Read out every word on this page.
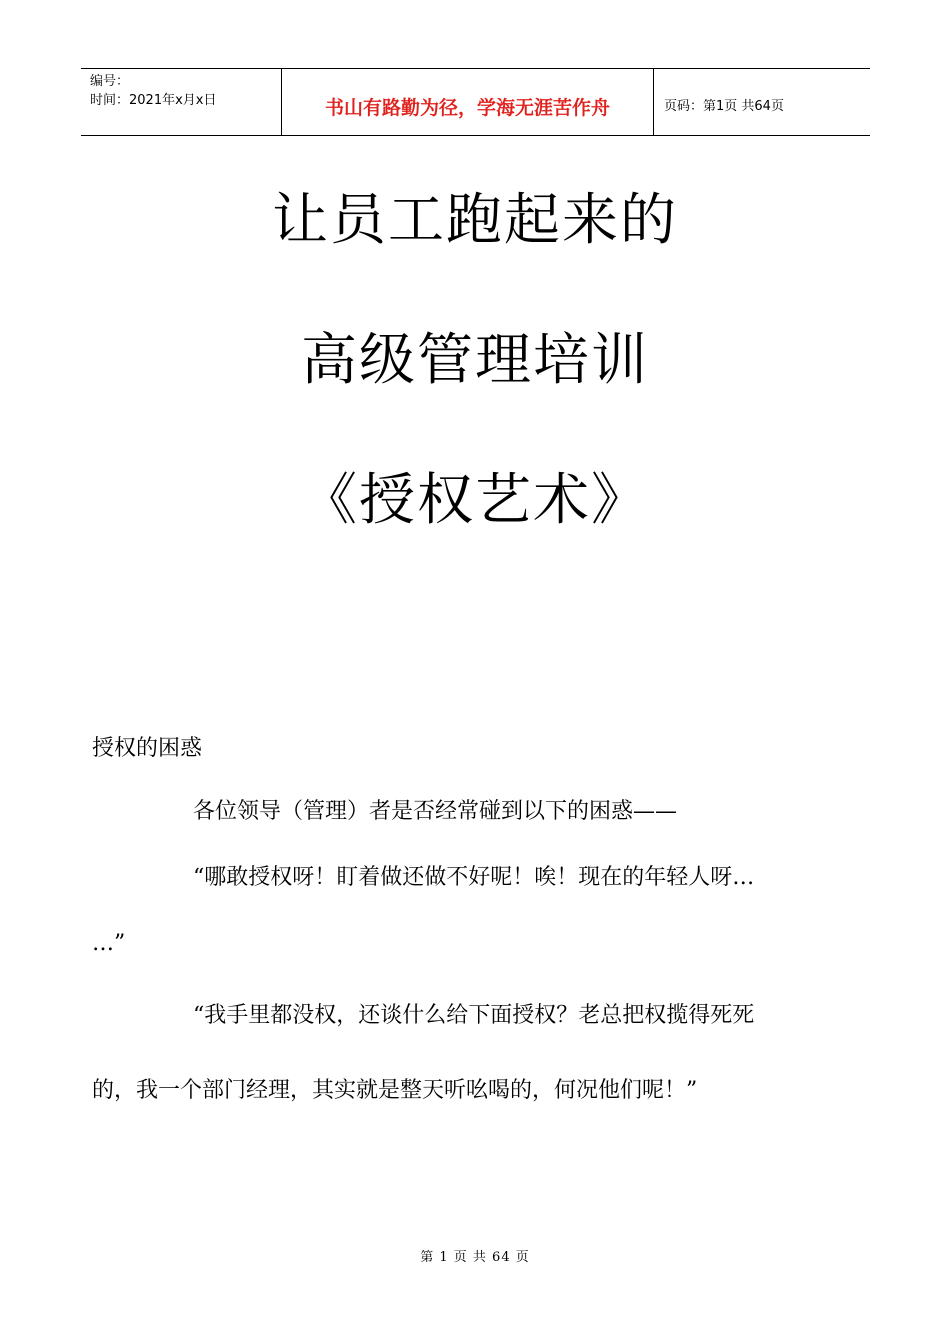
编号：
时间：2021年x月x日	书山有路勤为径，学海无涯苦作舟	页码：第1页 共64页
让员工跑起来的
高级管理培训
《授权艺术》
授权的困惑
各位领导（管理）者是否经常碰到以下的困惑——
“哪敢授权呀！盯着做还做不好呢！唉！现在的年轻人呀…
…”
“我手里都没权，还谈什么给下面授权？老总把权揽得死死
的，我一个部门经理，其实就是整天听吆喝的，何况他们呢！”
第 1 页 共 64 页
